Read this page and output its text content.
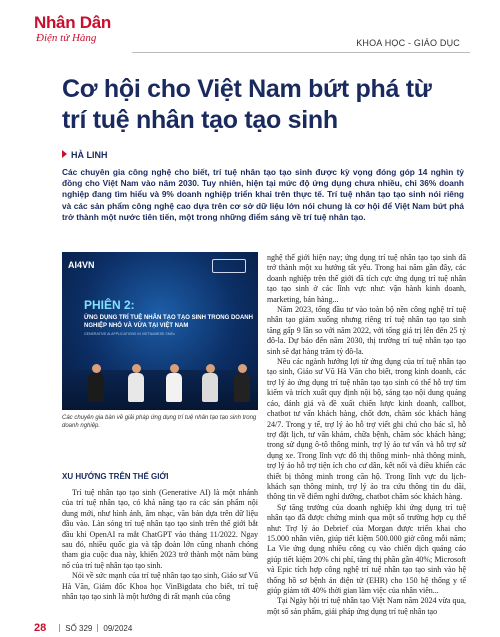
Nhân Dân
Điện tử Hàng	KHOA HỌC - GIÁO DỤC
Cơ hội cho Việt Nam bứt phá từ trí tuệ nhân tạo tạo sinh
HÀ LINH
Các chuyên gia công nghệ cho biết, trí tuệ nhân tạo tạo sinh được kỳ vọng đóng góp 14 nghìn tỷ đồng cho Việt Nam vào năm 2030. Tuy nhiên, hiện tại mức độ ứng dụng chưa nhiều, chỉ 36% doanh nghiệp đang tìm hiểu và 9% doanh nghiệp triển khai trên thực tế. Trí tuệ nhân tạo tạo sinh nói riêng và các sản phẩm công nghệ cao dựa trên cơ sở dữ liệu lớn nói chung là cơ hội để Việt Nam bứt phá trở thành một nước tiên tiến, một trong những điểm sáng về trí tuệ nhân tạo.
AI4VN
PHIÊN 2:
ỨNG DỤNG TRÍ TUỆ NHÂN TẠO TẠO SINH TRONG DOANH NGHIỆP NHỎ VÀ VỪA TẠI VIỆT NAM
GENERATIVE AI APPLICATIONS IN VIETNAMESE SMEs
Các chuyên gia bàn về giải pháp ứng dụng trí tuệ nhân tạo tạo sinh trong doanh nghiệp.
XU HƯỚNG TRÊN THẾ GIỚI

Trí tuệ nhân tạo tạo sinh (Generative AI) là một nhánh của trí tuệ nhân tạo, có khả năng tạo ra các sản phẩm nội dung mới, như hình ảnh, âm nhạc, văn bản dựa trên dữ liệu đầu vào. Làn sóng trí tuệ nhân tạo tạo sinh trên thế giới bắt đầu khi OpenAI ra mắt ChatGPT vào tháng 11/2022. Ngay sau đó, nhiều quốc gia và tập đoàn lớn cũng nhanh chóng tham gia cuộc đua này, khiến 2023 trở thành một năm bùng nổ của trí tuệ nhân tạo tạo sinh.

Nói về sức mạnh của trí tuệ nhân tạo tạo sinh, Giáo sư Vũ Hà Văn, Giám đốc Khoa học VinBigdata cho biết, trí tuệ nhân tạo tạo sinh là một hướng đi rất mạnh của công

nghệ thế giới hiện nay; ứng dụng trí tuệ nhân tạo tạo sinh đã trở thành một xu hướng tất yếu. Trong hai năm gần đây, các doanh nghiệp trên thế giới đã tích cực ứng dụng trí tuệ nhân tạo tạo sinh ở các lĩnh vực như: vận hành kinh doanh, marketing, bán hàng...

Năm 2023, tổng đầu tư vào toàn bộ nền công nghệ trí tuệ nhân tạo giảm xuống nhưng riêng trí tuệ nhân tạo tạo sinh tăng gấp 9 lần so với năm 2022, với tổng giá trị lên đến 25 tỷ đô-la. Dự báo đến năm 2030, thị trường trí tuệ nhân tạo tạo sinh sẽ đạt hàng trăm tỷ đô-la.

Nêu các ngành hưởng lợi từ ứng dụng của trí tuệ nhân tạo tạo sinh, Giáo sư Vũ Hà Văn cho biết, trong kinh doanh, các trợ lý ảo ứng dụng trí tuệ nhân tạo tạo sinh có thể hỗ trợ tìm kiếm và trích xuất quy định nội bộ, sáng tạo nội dung quảng cáo, đánh giá và đề xuất chiến lược kinh doanh, callbot, chatbot tư vấn khách hàng, chốt đơn, chăm sóc khách hàng 24/7. Trong y tế, trợ lý ảo hỗ trợ viết ghi chú cho bác sĩ, hỗ trợ đặt lịch, tư vấn khám, chữa bệnh, chăm sóc khách hàng; trong sử dụng ô-tô thông minh, trợ lý ảo tư vấn và hỗ trợ sử dụng xe. Trong lĩnh vực đô thị thông minh- nhà thông minh, trợ lý ảo hỗ trợ tiện ích cho cư dân, kết nối và điều khiển các thiết bị thông minh trong căn hộ. Trong lĩnh vực du lịch- khách sạn thông minh, trợ lý ảo tra cứu thông tin du dãi, thông tin về điểm nghỉ dưỡng, chatbot chăm sóc khách hàng.

Sự tăng trưởng của doanh nghiệp khi ứng dụng trí tuệ nhân tạo đã được chứng minh qua một số trường hợp cụ thể như: Trợ lý ảo Debrief của Morgan được triển khai cho 15.000 nhân viên, giúp tiết kiệm 500.000 giờ công mỗi năm; La Vie ứng dụng nhiều công cụ vào chiến dịch quảng cáo giúp tiết kiệm 20% chi phí, tăng thị phần gần 40%; Microsoft và Epic tích hợp công nghệ trí tuệ nhân tạo tạo sinh vào hệ thống hồ sơ bệnh án điện tử (EHR) cho 150 hệ thống y tế giúp giảm tới 40% thời gian làm việc của nhân viên...

Tại Ngày hội trí tuệ nhân tạo Việt Nam năm 2024 vừa qua, một số sản phẩm, giải pháp ứng dụng trí tuệ nhân tạo

28 SỐ 329 09/2024
